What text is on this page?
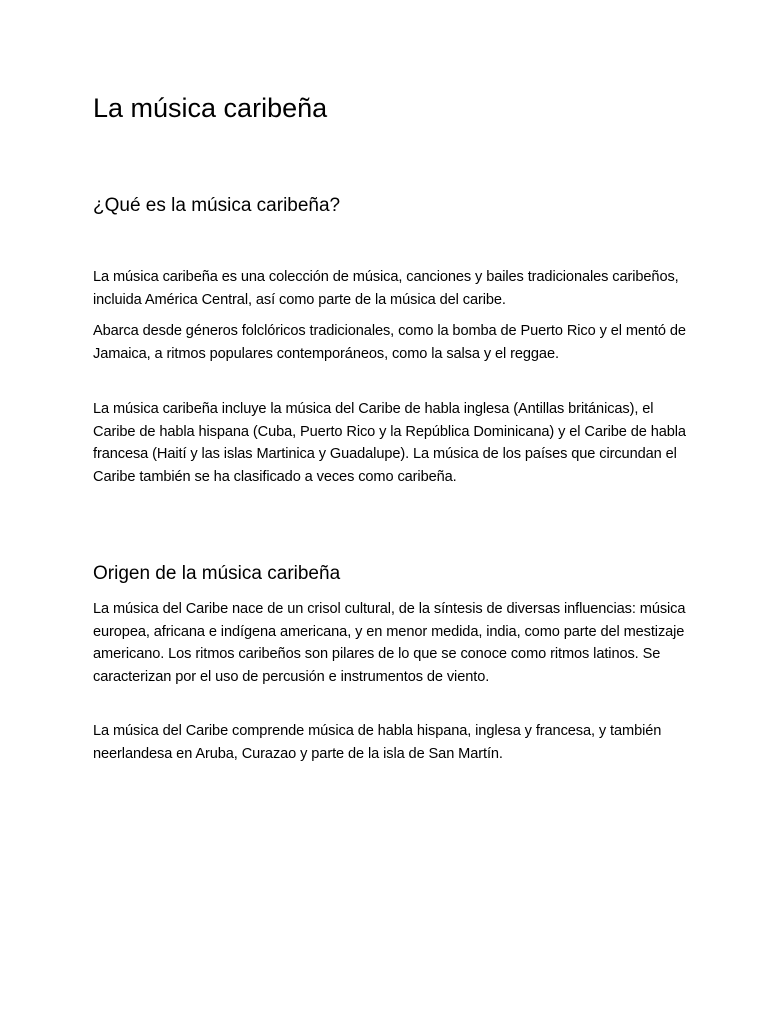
La música caribeña
¿Qué es la música caribeña?

La música caribeña es una colección de música, canciones y bailes tradicionales caribeños, incluida América Central, así como parte de la música del caribe.

Abarca desde géneros folclóricos tradicionales, como la bomba de Puerto Rico y el mentó de Jamaica, a ritmos populares contemporáneos, como la salsa y el reggae.

La música caribeña incluye la música del Caribe de habla inglesa (Antillas británicas), el Caribe de habla hispana (Cuba, Puerto Rico y la República Dominicana) y el Caribe de habla francesa (Haití y las islas Martinica y Guadalupe). La música de los países que circundan el Caribe también se ha clasificado a veces como caribeña.

Origen de la música caribeña

La música del Caribe nace de un crisol cultural, de la síntesis de diversas influencias: música europea, africana e indígena americana, y en menor medida, india, como parte del mestizaje americano. Los ritmos caribeños son pilares de lo que se conoce como ritmos latinos. Se caracterizan por el uso de percusión e instrumentos de viento.

La música del Caribe comprende música de habla hispana, inglesa y francesa, y también neerlandesa en Aruba, Curazao y parte de la isla de San Martín.
